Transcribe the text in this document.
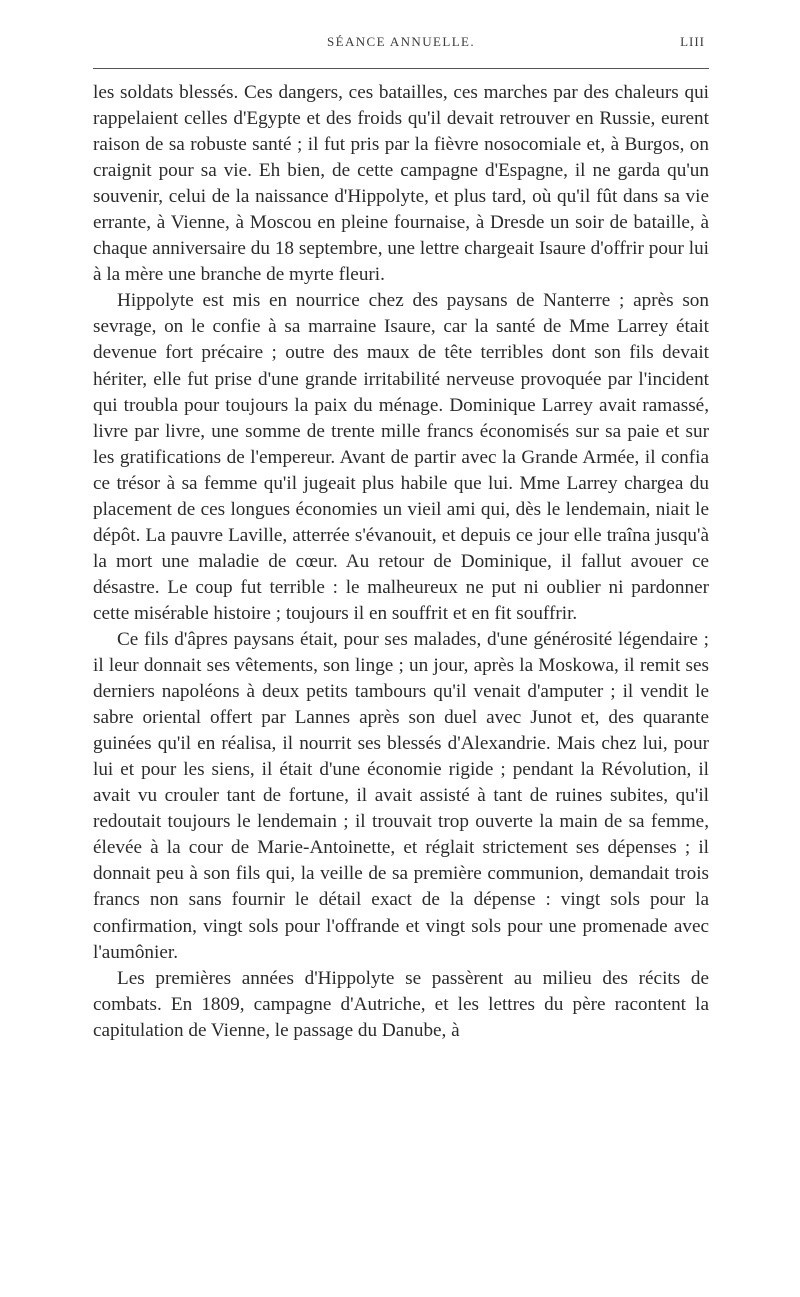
SÉANCE ANNUELLE.	LIII

les soldats blessés. Ces dangers, ces batailles, ces marches par des chaleurs qui rappelaient celles d'Egypte et des froids qu'il devait retrouver en Russie, eurent raison de sa robuste santé ; il fut pris par la fièvre nosocomiale et, à Burgos, on craignit pour sa vie. Eh bien, de cette campagne d'Espagne, il ne garda qu'un souvenir, celui de la naissance d'Hippolyte, et plus tard, où qu'il fût dans sa vie errante, à Vienne, à Moscou en pleine fournaise, à Dresde un soir de bataille, à chaque anniversaire du 18 septembre, une lettre chargeait Isaure d'offrir pour lui à la mère une branche de myrte fleuri.

Hippolyte est mis en nourrice chez des paysans de Nanterre ; après son sevrage, on le confie à sa marraine Isaure, car la santé de Mme Larrey était devenue fort précaire ; outre des maux de tête terribles dont son fils devait hériter, elle fut prise d'une grande irritabilité nerveuse provoquée par l'incident qui troubla pour toujours la paix du ménage. Dominique Larrey avait ramassé, livre par livre, une somme de trente mille francs économisés sur sa paie et sur les gratifications de l'empereur. Avant de partir avec la Grande Armée, il confia ce trésor à sa femme qu'il jugeait plus habile que lui. Mme Larrey chargea du placement de ces longues économies un vieil ami qui, dès le lendemain, niait le dépôt. La pauvre Laville, atterrée s'évanouit, et depuis ce jour elle traîna jusqu'à la mort une maladie de cœur. Au retour de Dominique, il fallut avouer ce désastre. Le coup fut terrible : le malheureux ne put ni oublier ni pardonner cette misérable histoire ; toujours il en souffrit et en fit souffrir.

Ce fils d'âpres paysans était, pour ses malades, d'une générosité légendaire ; il leur donnait ses vêtements, son linge ; un jour, après la Moskowa, il remit ses derniers napoléons à deux petits tambours qu'il venait d'amputer ; il vendit le sabre oriental offert par Lannes après son duel avec Junot et, des quarante guinées qu'il en réalisa, il nourrit ses blessés d'Alexandrie. Mais chez lui, pour lui et pour les siens, il était d'une économie rigide ; pendant la Révolution, il avait vu crouler tant de fortune, il avait assisté à tant de ruines subites, qu'il redoutait toujours le lendemain ; il trouvait trop ouverte la main de sa femme, élevée à la cour de Marie-Antoinette, et réglait strictement ses dépenses ; il donnait peu à son fils qui, la veille de sa première communion, demandait trois francs non sans fournir le détail exact de la dépense : vingt sols pour la confirmation, vingt sols pour l'offrande et vingt sols pour une promenade avec l'aumônier.

Les premières années d'Hippolyte se passèrent au milieu des récits de combats. En 1809, campagne d'Autriche, et les lettres du père racontent la capitulation de Vienne, le passage du Danube, à
